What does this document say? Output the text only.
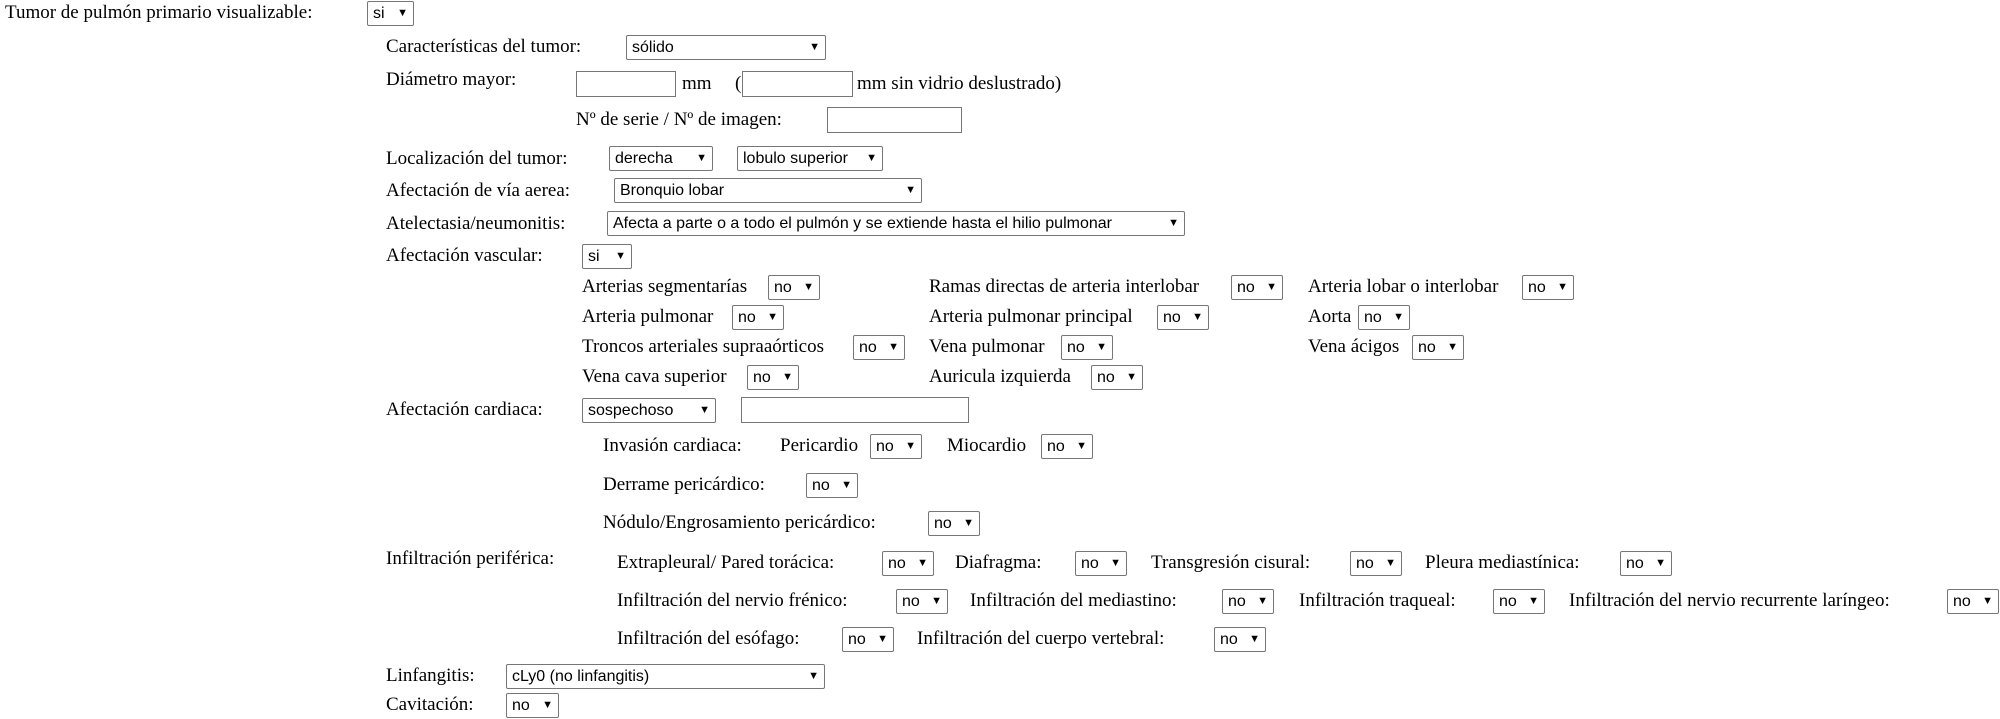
Tumor de pulmón primario visualizable:	si ▼
Características del tumor:	sólido	▼
Diámetro mayor:	mm (	mm sin vidrio deslustrado)
Nº de serie / Nº de imagen:
Localización del tumor:	derecha ▼	lobulo superior ▼
Afectación de vía aerea:	Bronquio lobar	▼
Atelectasia/neumonitis:	Afecta a parte o a todo el pulmón y se extiende hasta el hilio pulmonar	▼
Afectación vascular:	si ▼
Arterias segmentarías	no ▼	Ramas directas de arteria interlobar	no ▼ Arteria lobar o interlobar	no ▼
Arteria pulmonar	no ▼	Arteria pulmonar principal	no ▼	Aorta no ▼
Troncos arteriales supraaórticos	no ▼ Vena pulmonar	no ▼	Vena ácigos	no ▼
Vena cava superior	no ▼	Auricula izquierda	no ▼
Afectación cardiaca:	sospechoso ▼
Invasión cardiaca: Pericardio	no ▼ Miocardio	no ▼
Derrame pericárdico:	no ▼
Nódulo/Engrosamiento pericárdico:	no ▼
Infiltración periférica:	Extrapleural/ Pared torácica:	no ▼ Diafragma:	no ▼ Transgresión cisural:	no ▼ Pleura mediastínica:	no ▼
Infiltración del nervio frénico:	no ▼ Infiltración del mediastino:	no ▼ Infiltración traqueal:	no ▼ Infiltración del nervio recurrente laríngeo:	no ▼
Infiltración del esófago:	no ▼ Infiltración del cuerpo vertebral:	no ▼
Linfangitis:	cLy0 (no linfangitis)	▼
Cavitación:	no ▼
